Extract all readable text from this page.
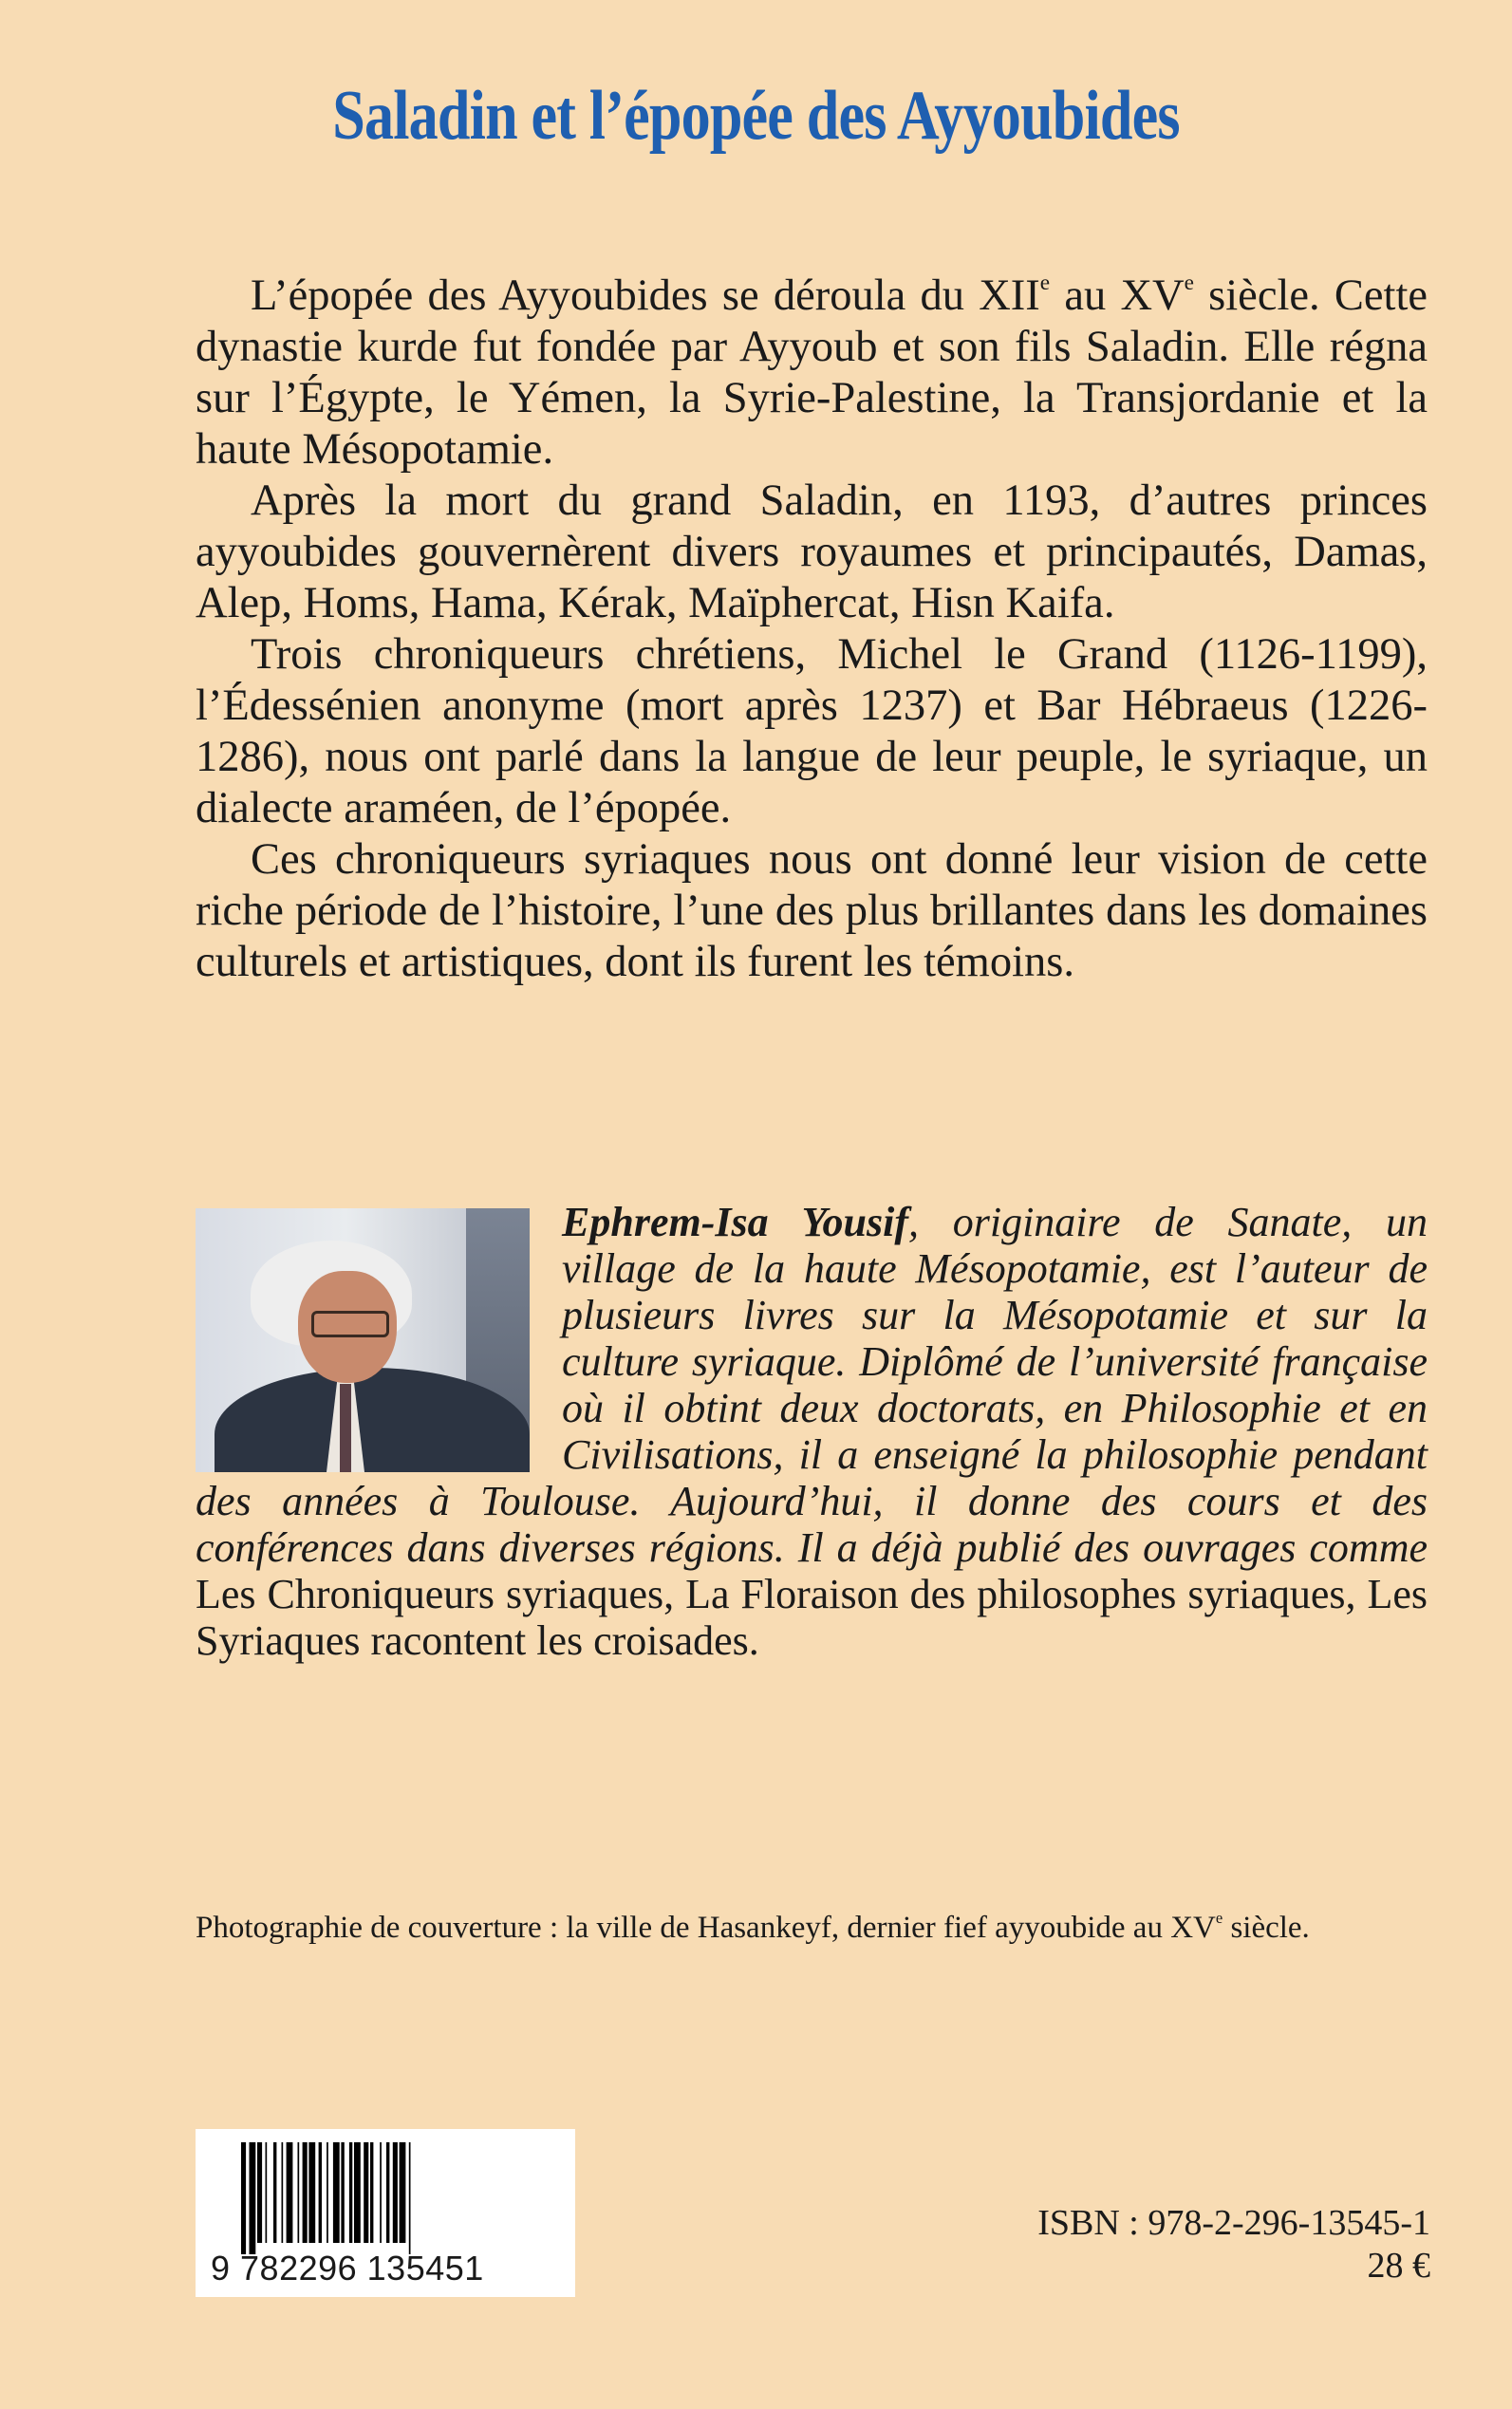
Saladin et l’épopée des Ayyoubides

L’épopée des Ayyoubides se déroula du XIIe au XVe siècle. Cette dynastie kurde fut fondée par Ayyoub et son fils Saladin. Elle régna sur l’Égypte, le Yémen, la Syrie-Palestine, la Transjordanie et la haute Mésopotamie.

Après la mort du grand Saladin, en 1193, d’autres princes ayyoubides gouvernèrent divers royaumes et principautés, Damas, Alep, Homs, Hama, Kérak, Maïphercat, Hisn Kaifa.

Trois chroniqueurs chrétiens, Michel le Grand (1126-1199), l’Édessénien anonyme (mort après 1237) et Bar Hébraeus (1226-1286), nous ont parlé dans la langue de leur peuple, le syriaque, un dialecte araméen, de l’épopée.

Ces chroniqueurs syriaques nous ont donné leur vision de cette riche période de l’histoire, l’une des plus brillantes dans les domaines culturels et artistiques, dont ils furent les témoins.

Ephrem-Isa Yousif, originaire de Sanate, un village de la haute Mésopotamie, est l’auteur de plusieurs livres sur la Mésopotamie et sur la culture syriaque. Diplômé de l’université française où il obtint deux doctorats, en Philosophie et en Civilisations, il a enseigné la philosophie pendant des années à Toulouse. Aujourd’hui, il donne des cours et des conférences dans diverses régions. Il a déjà publié des ouvrages comme Les Chroniqueurs syriaques, La Floraison des philosophes syriaques, Les Syriaques racontent les croisades.
Photographie de couverture : la ville de Hasankeyf, dernier fief ayyoubide au XVe siècle.
9 782296 135451
ISBN : 978-2-296-13545-1
28 €
